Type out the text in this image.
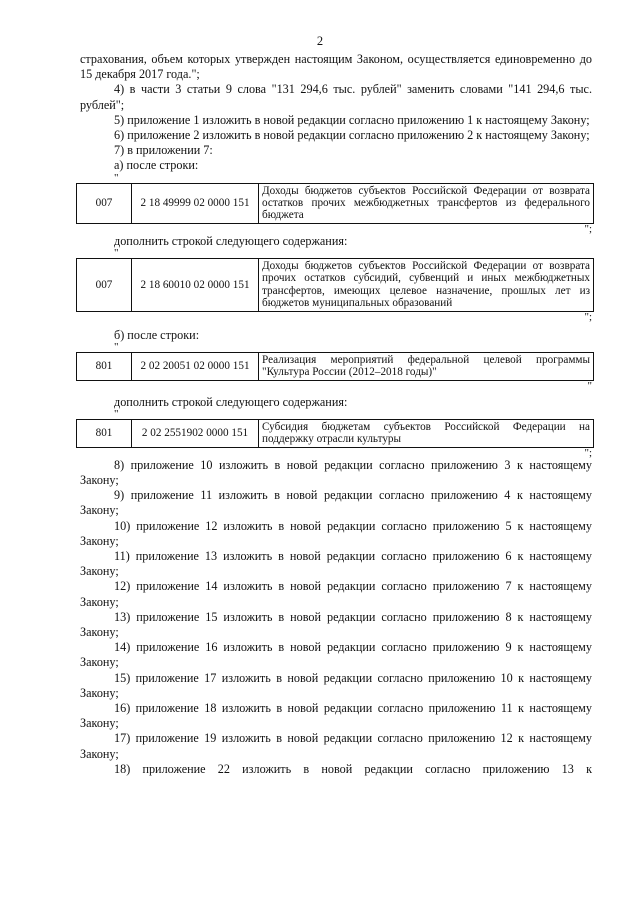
2

страхования, объем которых утвержден настоящим Законом, осуществляется единовременно до 15 декабря 2017 года.";

4) в части 3 статьи 9 слова "131 294,6 тыс. рублей" заменить словами "141 294,6 тыс. рублей";

5) приложение 1 изложить в новой редакции согласно приложению 1 к настоящему Закону;

6) приложение 2 изложить в новой редакции согласно приложению 2 к настоящему Закону;

7) в приложении 7:

а) после строки:

"
007	2 18 49999 02 0000 151	Доходы бюджетов субъектов Российской Федерации от возврата остатков прочих межбюджетных трансфертов из федерального бюджета
";

дополнить строкой следующего содержания:

"
007	2 18 60010 02 0000 151	Доходы бюджетов субъектов Российской Федерации от возврата прочих остатков субсидий, субвенций и иных межбюджетных трансфертов, имеющих целевое назначение, прошлых лет из бюджетов муниципальных образований
";

б) после строки:

"
801	2 02 20051 02 0000 151	Реализация мероприятий федеральной целевой программы "Культура России (2012–2018 годы)"
"

дополнить строкой следующего содержания:

"
801	2 02 2551902 0000 151	Субсидия бюджетам субъектов Российской Федерации на поддержку отрасли культуры
";

8) приложение 10 изложить в новой редакции согласно приложению 3 к настоящему Закону;

9) приложение 11 изложить в новой редакции согласно приложению 4 к настоящему Закону;

10) приложение 12 изложить в новой редакции согласно приложению 5 к настоящему Закону;

11) приложение 13 изложить в новой редакции согласно приложению 6 к настоящему Закону;

12) приложение 14 изложить в новой редакции согласно приложению 7 к настоящему Закону;

13) приложение 15 изложить в новой редакции согласно приложению 8 к настоящему Закону;

14) приложение 16 изложить в новой редакции согласно приложению 9 к настоящему Закону;

15) приложение 17 изложить в новой редакции согласно приложению 10 к настоящему Закону;

16) приложение 18 изложить в новой редакции согласно приложению 11 к настоящему Закону;

17) приложение 19 изложить в новой редакции согласно приложению 12 к настоящему Закону;

18) приложение 22 изложить в новой редакции согласно приложению 13 к
